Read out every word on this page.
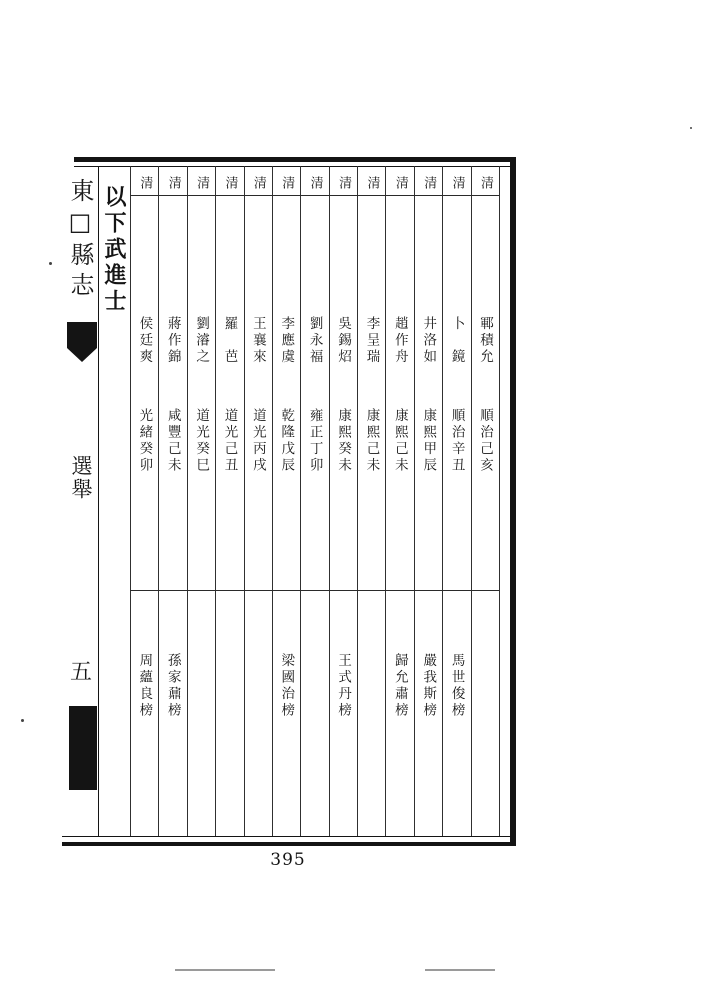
東□縣志
選舉
五
以下武進士
清
鄆積允
順治己亥
清
卜　鏡
順治辛丑
馬世俊榜
清
井洛如
康熙甲辰
嚴我斯榜
清
趙作舟
康熙己未
歸允肅榜
清
李呈瑞
康熙己未
清
吳錫炤
康熙癸未
王式丹榜
清
劉永福
雍正丁卯
清
李應虞
乾隆戊辰
梁國治榜
清
王襄來
道光丙戌
清
羅　芭
道光己丑
清
劉濬之
道光癸巳
清
蔣作錦
咸豐己未
孫家鼐榜
清
侯廷爽
光緒癸卯
周蘊良榜
395
